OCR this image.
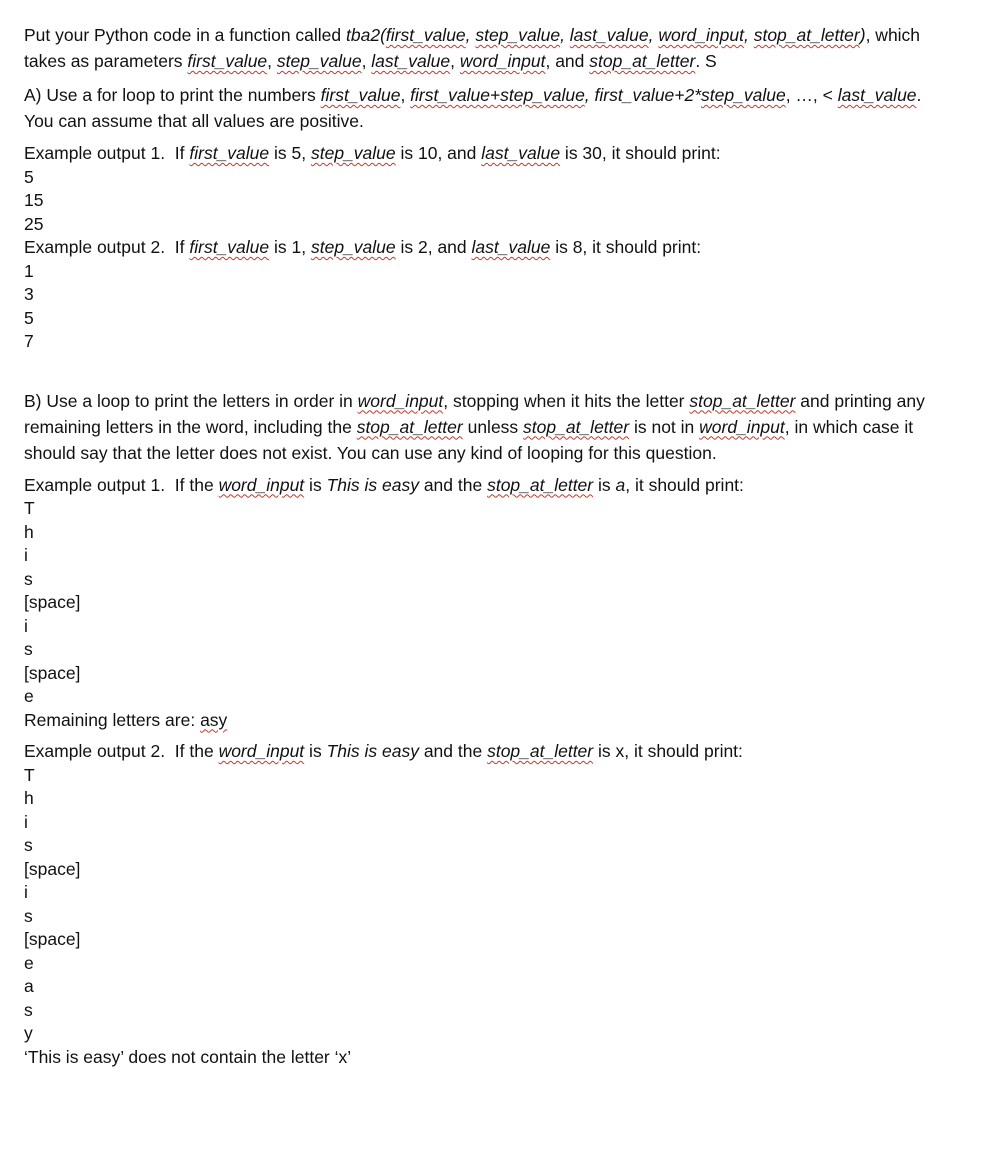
Put your Python code in a function called tba2(first_value, step_value, last_value, word_input, stop_at_letter), which takes as parameters first_value, step_value, last_value, word_input, and stop_at_letter. S

A) Use a for loop to print the numbers first_value, first_value+step_value, first_value+2*step_value, …, < last_value. You can assume that all values are positive.

Example output 1.  If first_value is 5, step_value is 10, and last_value is 30, it should print:

5

15

25

Example output 2.  If first_value is 1, step_value is 2, and last_value is 8, it should print:

1

3

5

7

B) Use a loop to print the letters in order in word_input, stopping when it hits the letter stop_at_letter and printing any remaining letters in the word, including the stop_at_letter unless stop_at_letter is not in word_input, in which case it should say that the letter does not exist. You can use any kind of looping for this question.

Example output 1.  If the word_input is This is easy and the stop_at_letter is a, it should print:

T

h

i

s

[space]

i

s

[space]

e

Remaining letters are: asy

Example output 2.  If the word_input is This is easy and the stop_at_letter is x, it should print:

T

h

i

s

[space]

i

s

[space]

e

a

s

y

‘This is easy’ does not contain the letter ‘x’
